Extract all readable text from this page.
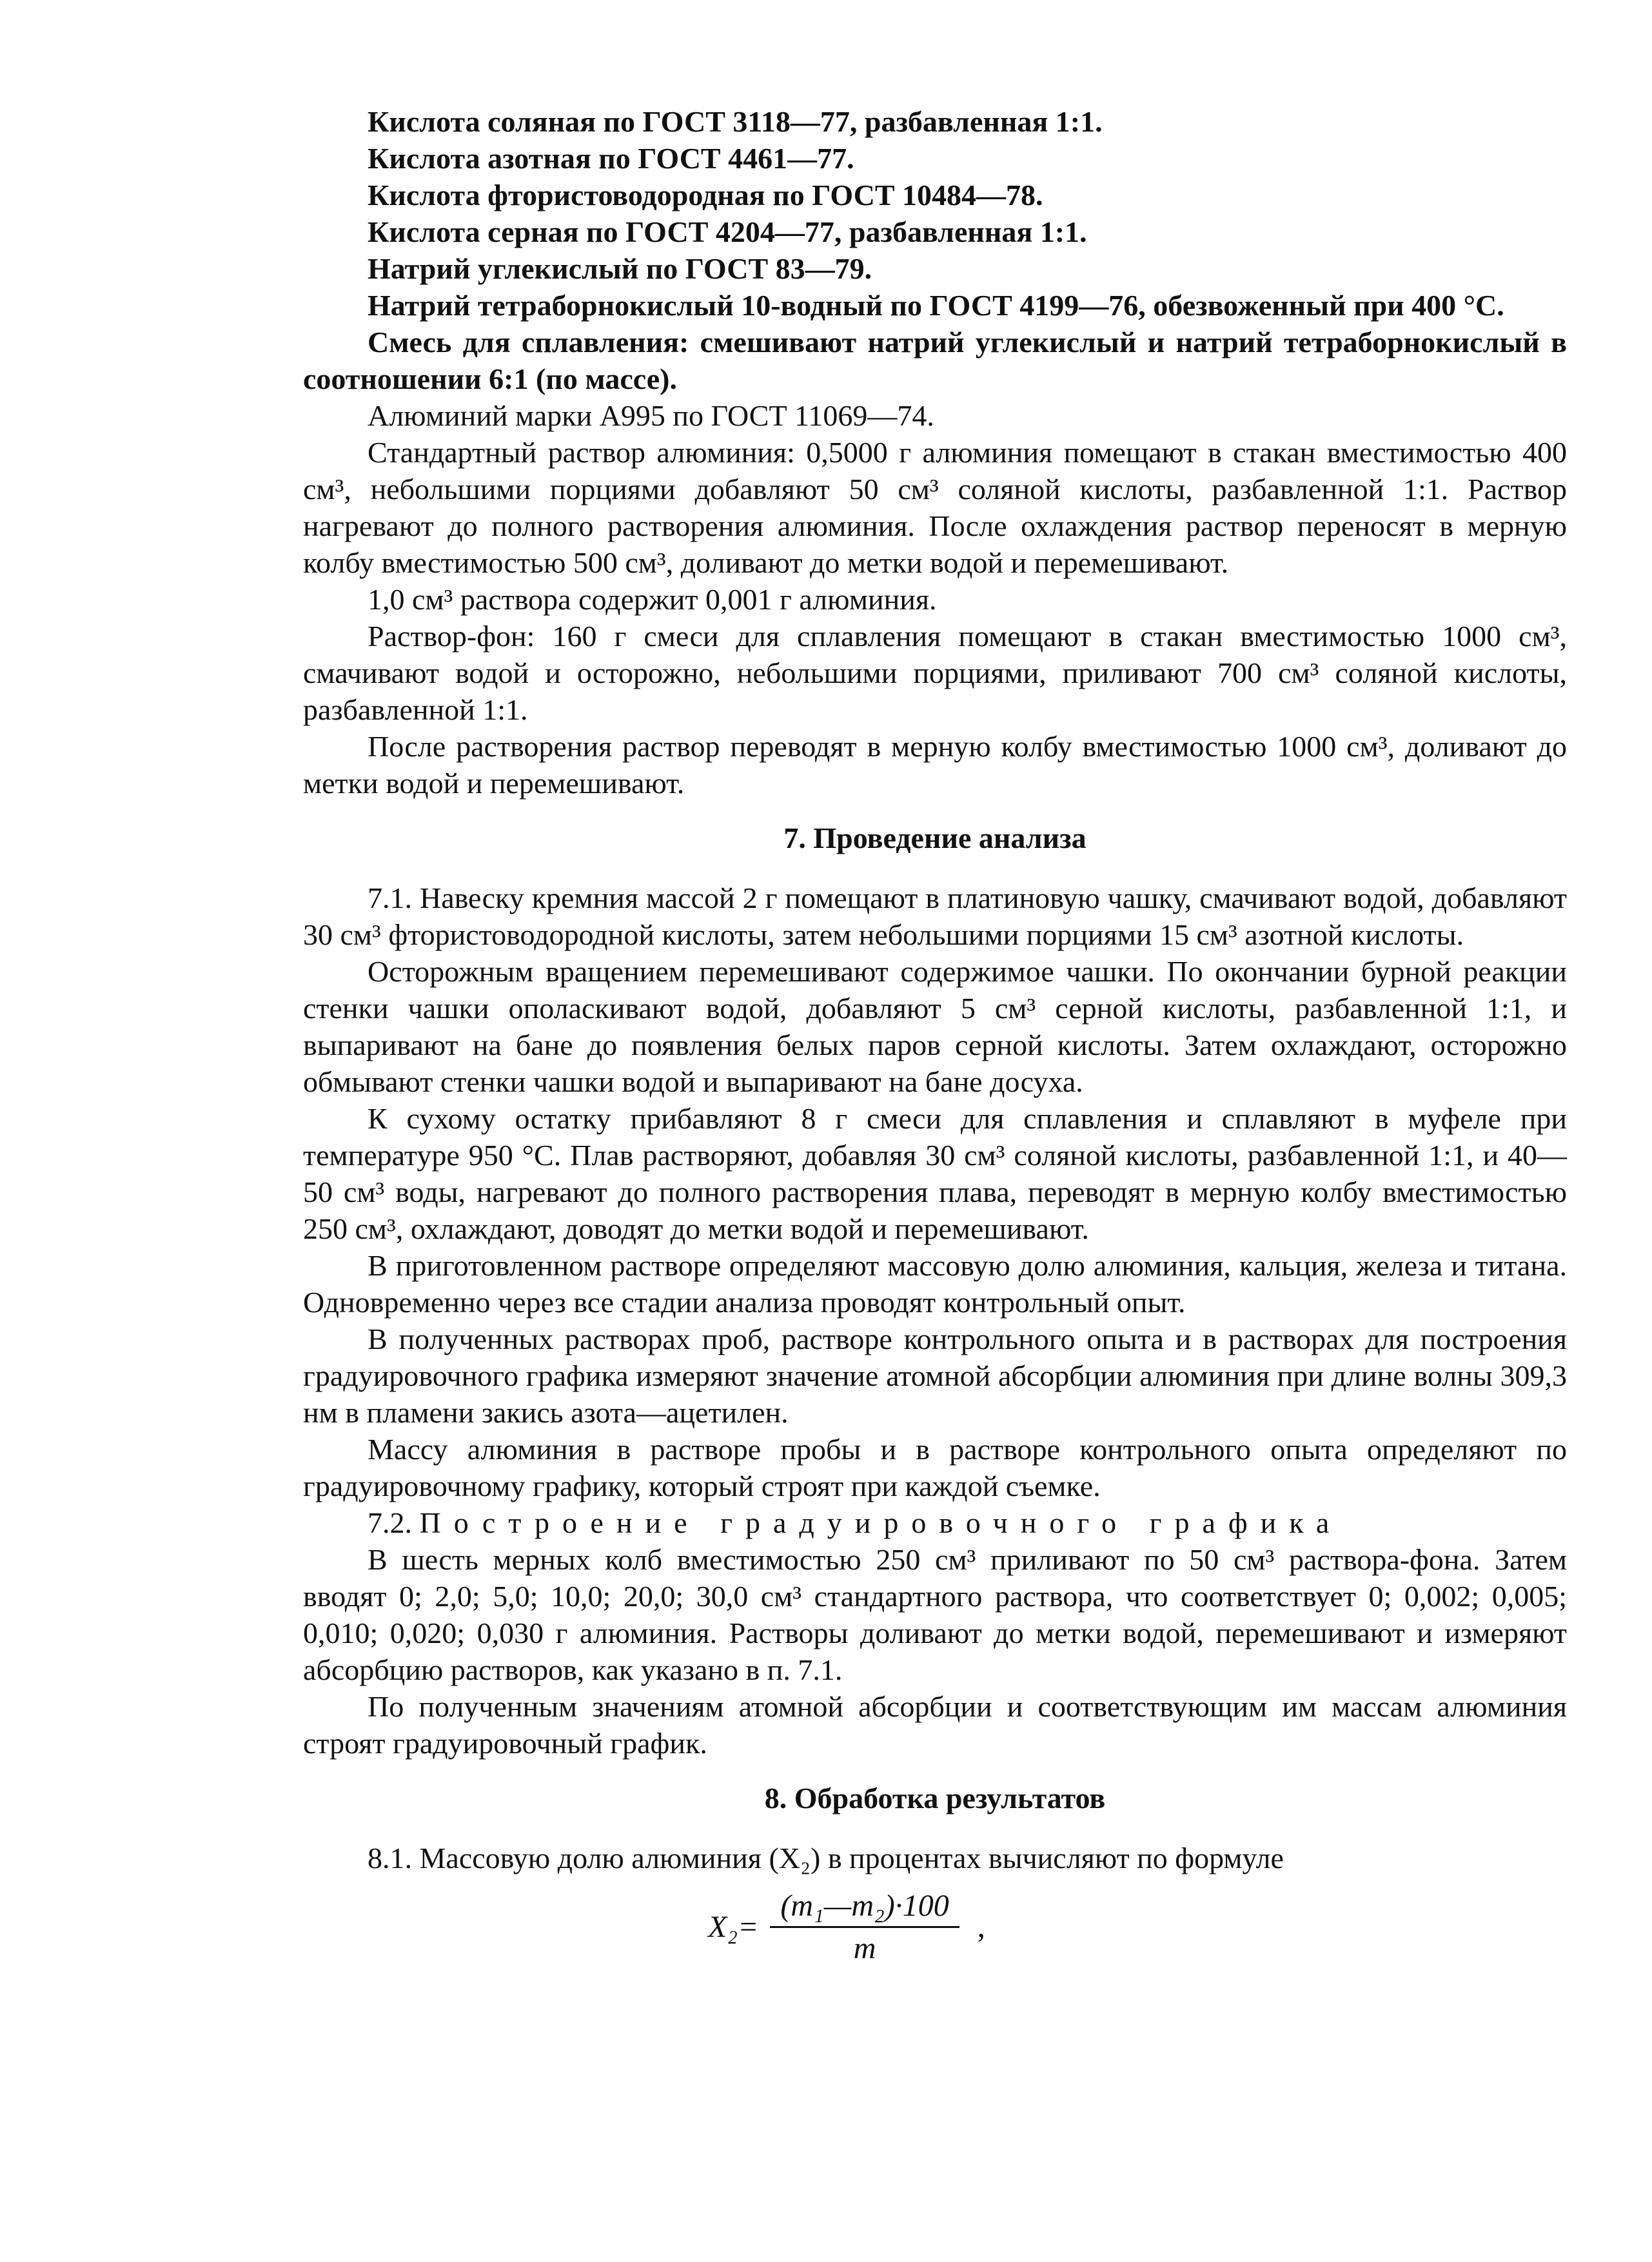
Кислота соляная по ГОСТ 3118—77, разбавленная 1:1.

Кислота азотная по ГОСТ 4461—77.

Кислота фтористоводородная по ГОСТ 10484—78.

Кислота серная по ГОСТ 4204—77, разбавленная 1:1.

Натрий углекислый по ГОСТ 83—79.

Натрий тетраборнокислый 10-водный по ГОСТ 4199—76, обезвоженный при 400 °С.

Смесь для сплавления: смешивают натрий углекислый и натрий тетраборнокислый в соотношении 6:1 (по массе).

Алюминий марки А995 по ГОСТ 11069—74.

Стандартный раствор алюминия: 0,5000 г алюминия помещают в стакан вместимостью 400 см³, небольшими порциями добавляют 50 см³ соляной кислоты, разбавленной 1:1. Раствор нагревают до полного растворения алюминия. После охлаждения раствор переносят в мерную колбу вместимостью 500 см³, доливают до метки водой и перемешивают.

1,0 см³ раствора содержит 0,001 г алюминия.

Раствор-фон: 160 г смеси для сплавления помещают в стакан вместимостью 1000 см³, смачивают водой и осторожно, небольшими порциями, приливают 700 см³ соляной кислоты, разбавленной 1:1.

После растворения раствор переводят в мерную колбу вместимостью 1000 см³, доливают до метки водой и перемешивают.

7. Проведение анализа

7.1. Навеску кремния массой 2 г помещают в платиновую чашку, смачивают водой, добавляют 30 см³ фтористоводородной кислоты, затем небольшими порциями 15 см³ азотной кислоты.

Осторожным вращением перемешивают содержимое чашки. По окончании бурной реакции стенки чашки ополаскивают водой, добавляют 5 см³ серной кислоты, разбавленной 1:1, и выпаривают на бане до появления белых паров серной кислоты. Затем охлаждают, осторожно обмывают стенки чашки водой и выпаривают на бане досуха.

К сухому остатку прибавляют 8 г смеси для сплавления и сплавляют в муфеле при температуре 950 °С. Плав растворяют, добавляя 30 см³ соляной кислоты, разбавленной 1:1, и 40—50 см³ воды, нагревают до полного растворения плава, переводят в мерную колбу вместимостью 250 см³, охлаждают, доводят до метки водой и перемешивают.

В приготовленном растворе определяют массовую долю алюминия, кальция, железа и титана. Одновременно через все стадии анализа проводят контрольный опыт.

В полученных растворах проб, растворе контрольного опыта и в растворах для построения градуировочного графика измеряют значение атомной абсорбции алюминия при длине волны 309,3 нм в пламени закись азота—ацетилен.

Массу алюминия в растворе пробы и в растворе контрольного опыта определяют по градуировочному графику, который строят при каждой съемке.

7.2. Построение градуировочного графика

В шесть мерных колб вместимостью 250 см³ приливают по 50 см³ раствора-фона. Затем вводят 0; 2,0; 5,0; 10,0; 20,0; 30,0 см³ стандартного раствора, что соответствует 0; 0,002; 0,005; 0,010; 0,020; 0,030 г алюминия. Растворы доливают до метки водой, перемешивают и измеряют абсорбцию растворов, как указано в п. 7.1.

По полученным значениям атомной абсорбции и соответствующим им массам алюминия строят градуировочный график.

8. Обработка результатов

8.1. Массовую долю алюминия (X₂) в процентах вычисляют по формуле

$X_2= \frac{\text{(m₁—m₂)·100}}{m}$ ,
